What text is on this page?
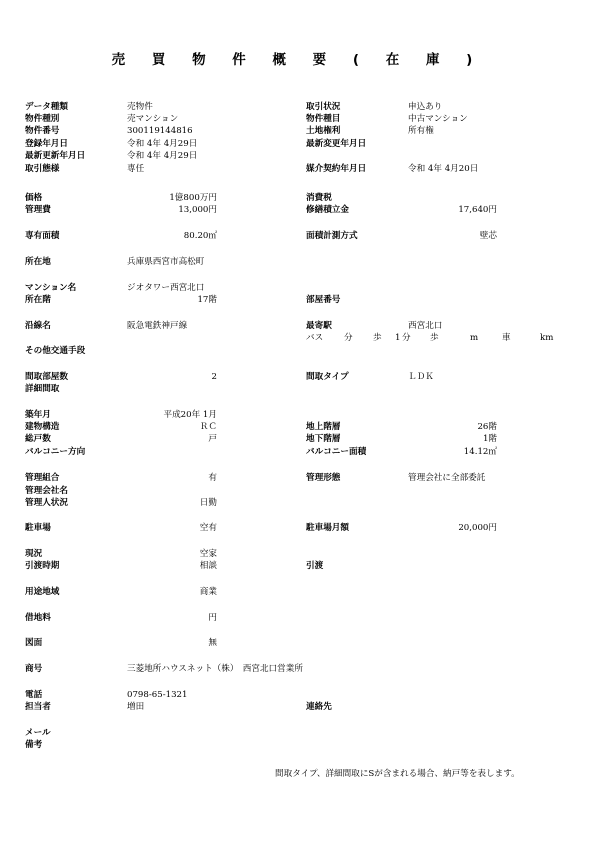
売 買 物 件 概 要 ( 在 庫 )
データ種類	売物件	取引状況	申込あり
物件種別	売マンション	物件種目	中古マンション
物件番号	300119144816	土地権利	所有権
登録年月日	令和 4年 4月29日	最新変更年月日
最新更新年月日	令和 4年 4月29日
取引態様	専任	媒介契約年月日	令和 4年 4月20日
価格	1億800万円	消費税
管理費	13,000円	修繕積立金	17,640円
専有面積	80.20㎡	面積計測方式	壁芯
所在地	兵庫県西宮市高松町
マンション名	ジオタワー西宮北口
所在階	17階	部屋番号
沿線名	阪急電鉄神戸線	最寄駅	西宮北口
バス 分 歩 1 分 歩	m	車	km
その他交通手段
間取部屋数	2	間取タイプ	ＬＤＫ
詳細間取
築年月	平成20年 1月
建物構造	ＲＣ	地上階層	26階
総戸数	戸	地下階層	1階
バルコニー方向	バルコニー面積	14.12㎡
管理組合	有	管理形態	管理会社に全部委託
管理会社名
管理人状況	日勤
駐車場	空有	駐車場月額	20,000円
現況	空家
引渡時期	相談	引渡
用途地域	商業
借地料	円
図面	無
商号	三菱地所ハウスネット（株）　西宮北口営業所
電話	0798-65-1321
担当者	増田	連絡先
メール
備考
間取タイプ、詳細間取にSが含まれる場合、納戸等を表します。
